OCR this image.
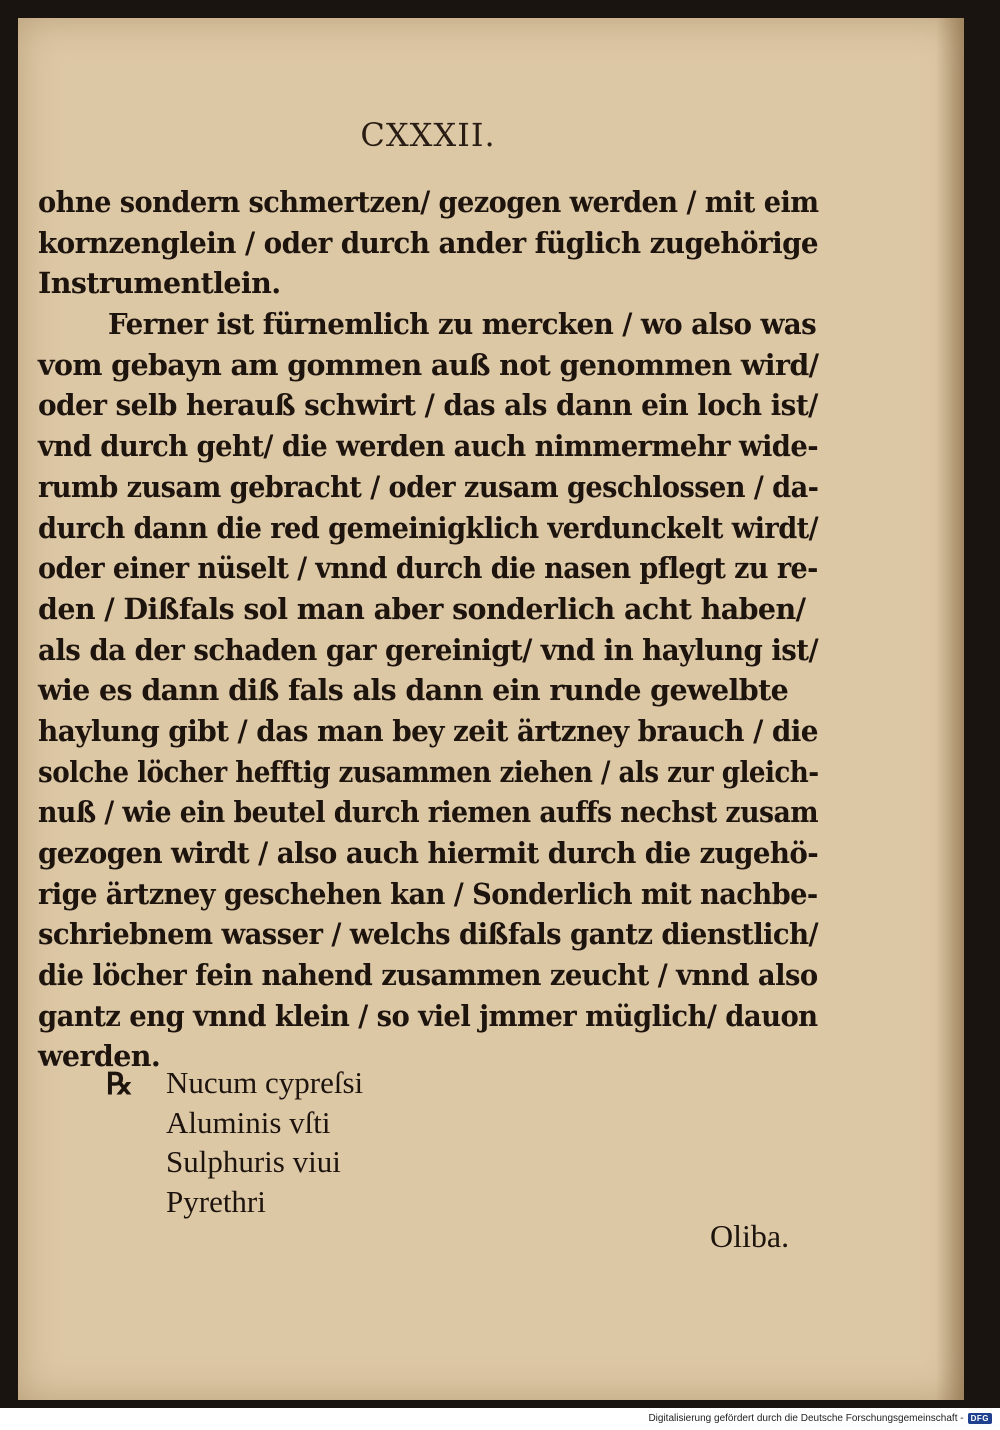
CXXXII.
ohne sondern schmertzen/ gezogen werden / mit eim
kornzenglein / oder durch ander füglich zugehörige
Instrumentlein.
Ferner ist fürnemlich zu mercken / wo also was
vom gebayn am gommen auß not genommen wird/
oder selb herauß schwirt / das als dann ein loch ist/
vnd durch geht/ die werden auch nimmermehr wide-
rumb zusam gebracht / oder zusam geschlossen / da-
durch dann die red gemeinigklich verdunckelt wirdt/
oder einer nüselt / vnnd durch die nasen pflegt zu re-
den / Dißfals sol man aber sonderlich acht haben/
als da der schaden gar gereinigt/ vnd in haylung ist/
wie es dann diß fals als dann ein runde gewelbte
haylung gibt / das man bey zeit ärtzney brauch / die
solche löcher hefftig zusammen ziehen / als zur gleich-
nuß / wie ein beutel durch riemen auffs nechst zusam
gezogen wirdt / also auch hiermit durch die zugehö-
rige ärtzney geschehen kan / Sonderlich mit nachbe-
schriebnem wasser / welchs dißfals gantz dienstlich/
die löcher fein nahend zusammen zeucht / vnnd also
gantz eng vnnd klein / so viel jmmer müglich/ dauon
werden.
℞ Nucum cypreſsi
Aluminis vſti
Sulphuris viui
Pyrethri
Oliba.
Digitalisierung gefördert durch die Deutsche Forschungsgemeinschaft - DFG
